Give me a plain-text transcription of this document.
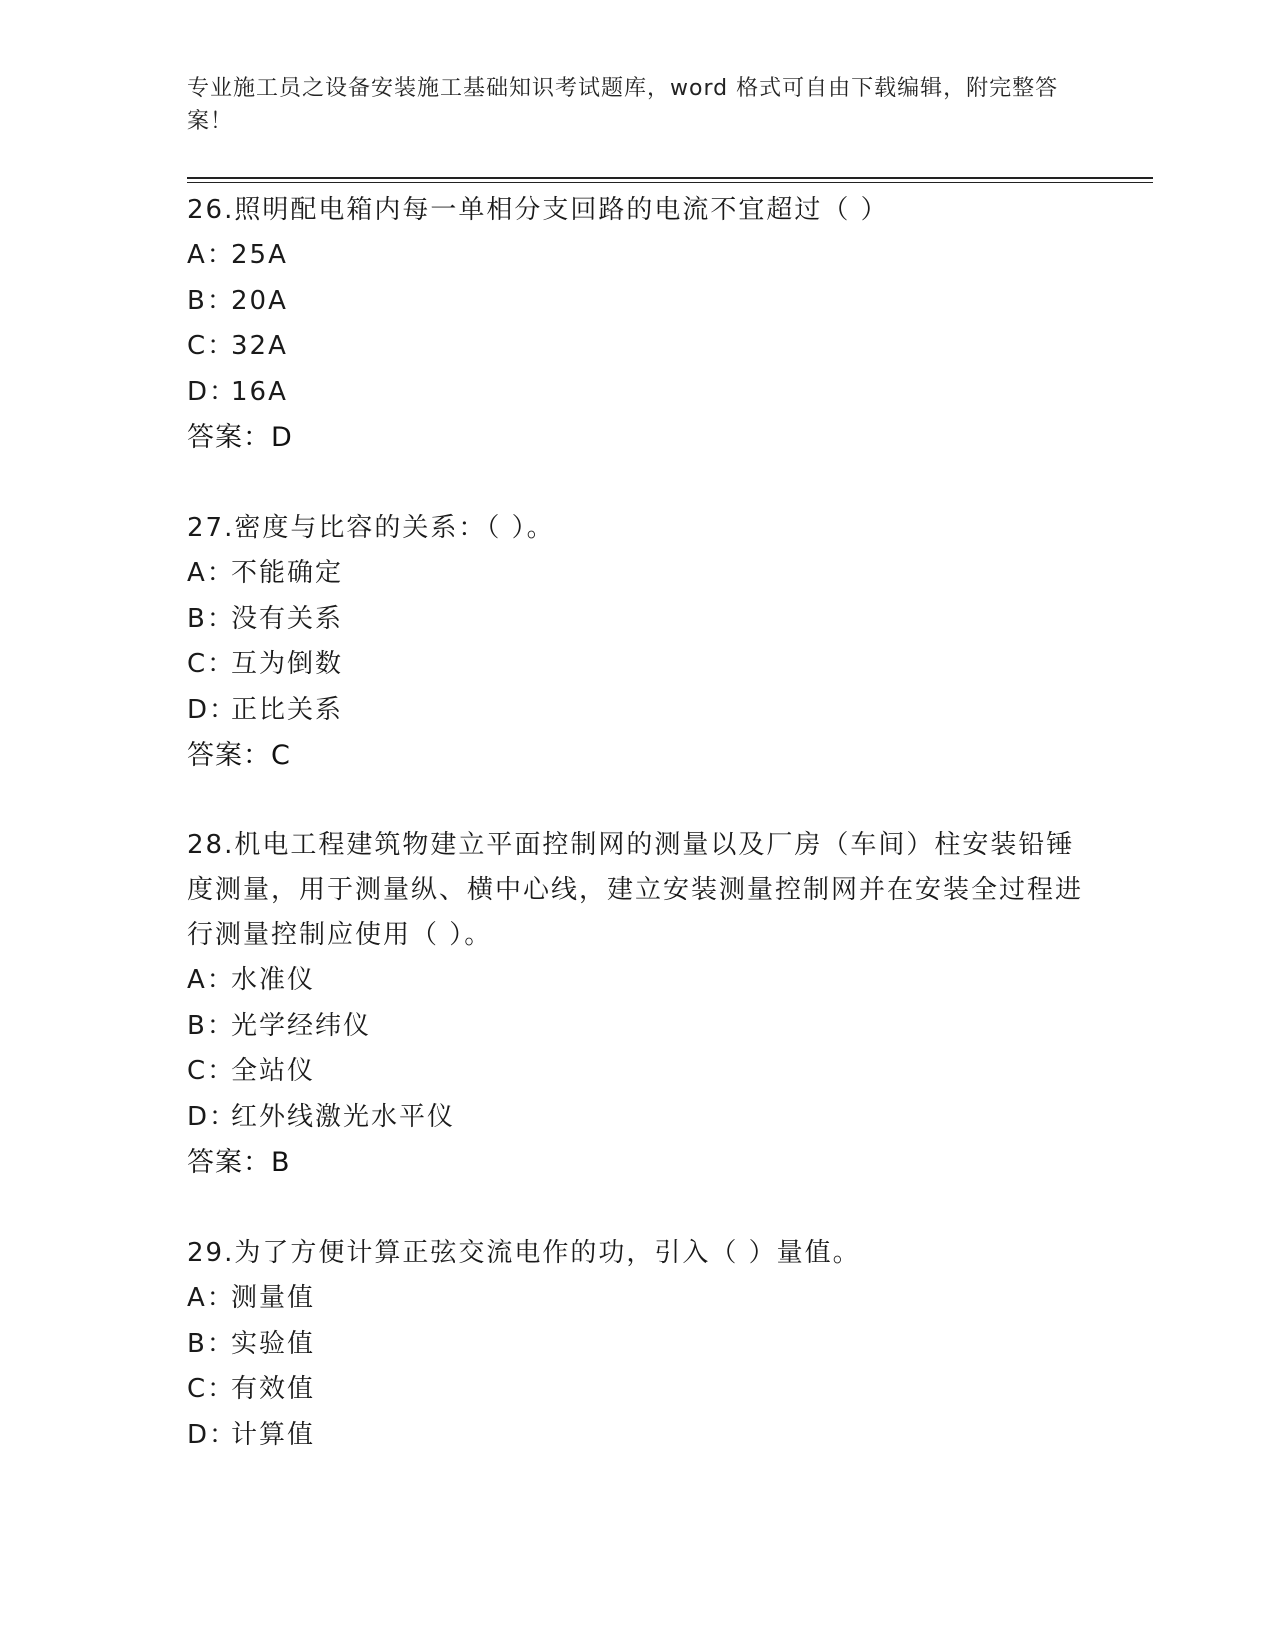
专业施工员之设备安装施工基础知识考试题库，word 格式可自由下载编辑，附完整答案！

26.照明配电箱内每一单相分支回路的电流不宜超过（ ）

A：25A

B：20A

C：32A

D：16A

答案：D

27.密度与比容的关系：（ ）。

A：不能确定

B：没有关系

C：互为倒数

D：正比关系

答案：C

28.机电工程建筑物建立平面控制网的测量以及厂房（车间）柱安装铅锤度测量，用于测量纵、横中心线，建立安装测量控制网并在安装全过程进行测量控制应使用（ ）。

A：水准仪

B：光学经纬仪

C：全站仪

D：红外线激光水平仪

答案：B

29.为了方便计算正弦交流电作的功，引入（ ）量值。

A：测量值

B：实验值

C：有效值

D：计算值
